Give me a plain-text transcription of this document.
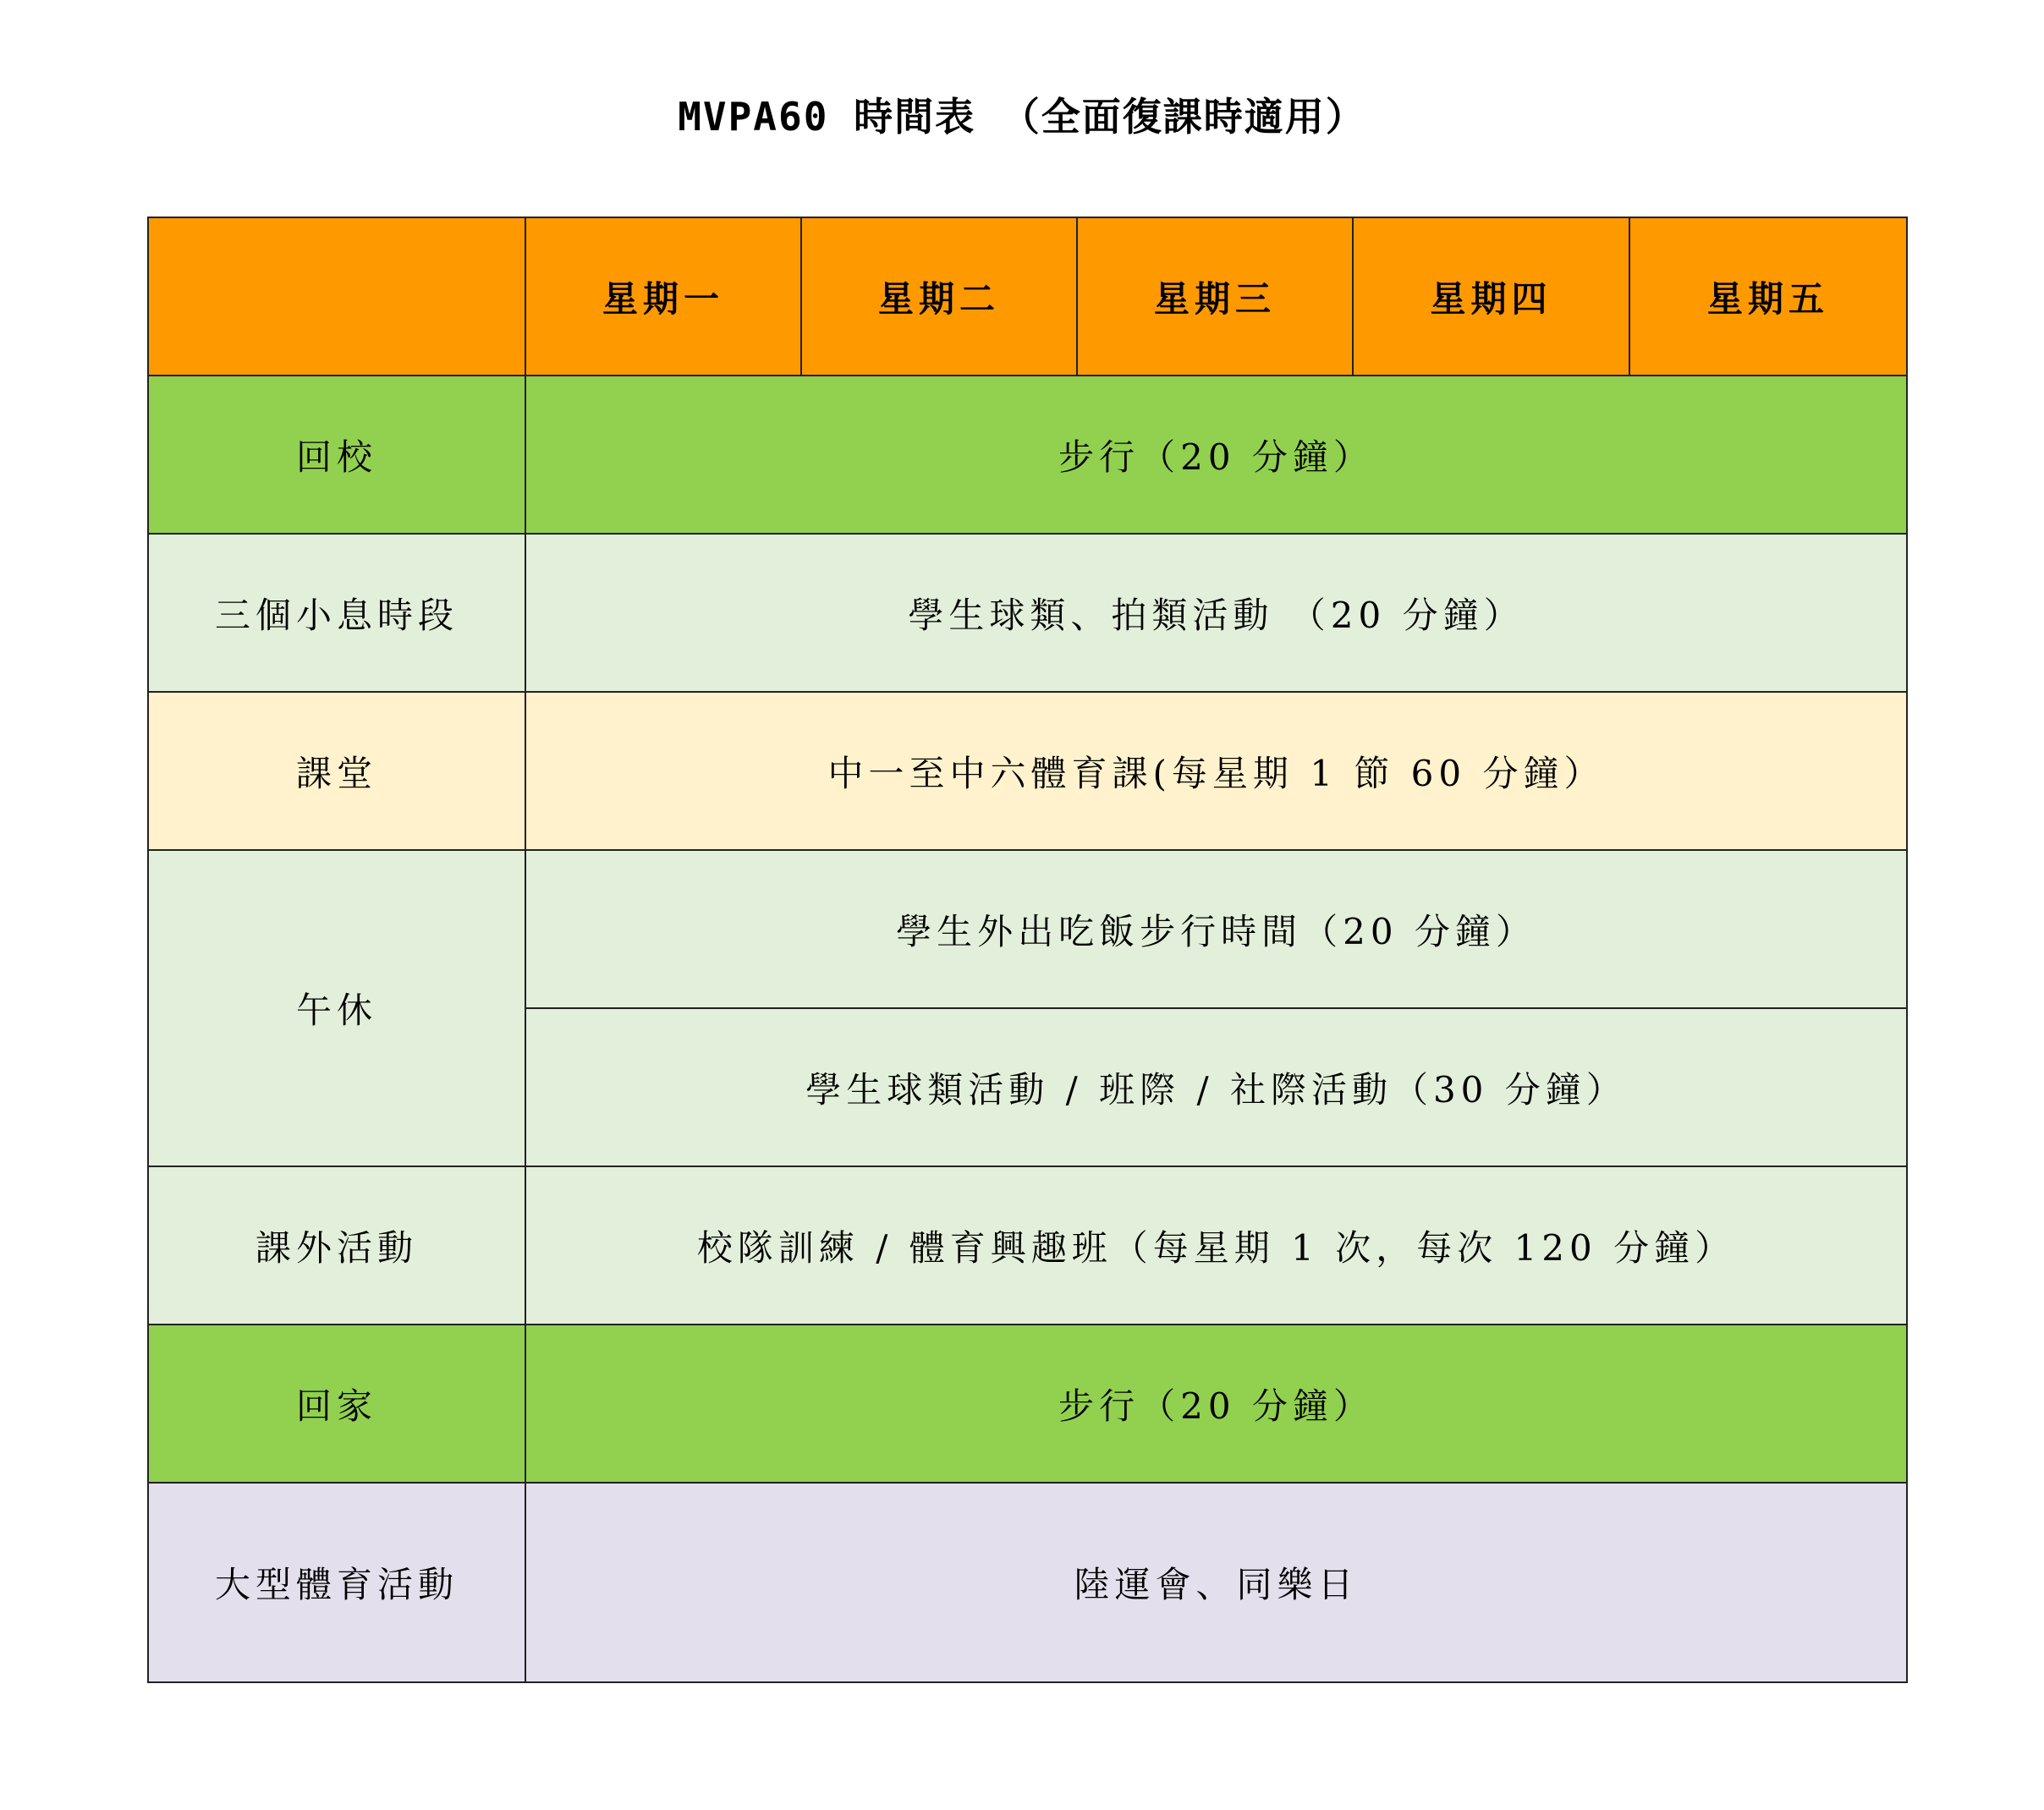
MVPA60 時間表 （全面復課時適用）
	星期一	星期二	星期三	星期四	星期五
回校	步行（20 分鐘）				
三個小息時段	學生球類、拍類活動 （20 分鐘）				
課堂	中一至中六體育課(每星期 1 節 60 分鐘）				
午休	學生外出吃飯步行時間（20 分鐘）				
	學生球類活動 / 班際 / 社際活動（30 分鐘）				
課外活動	校隊訓練 / 體育興趣班（每星期 1 次，每次 120 分鐘）				
回家	步行（20 分鐘）				
大型體育活動	陸運會、同樂日				
